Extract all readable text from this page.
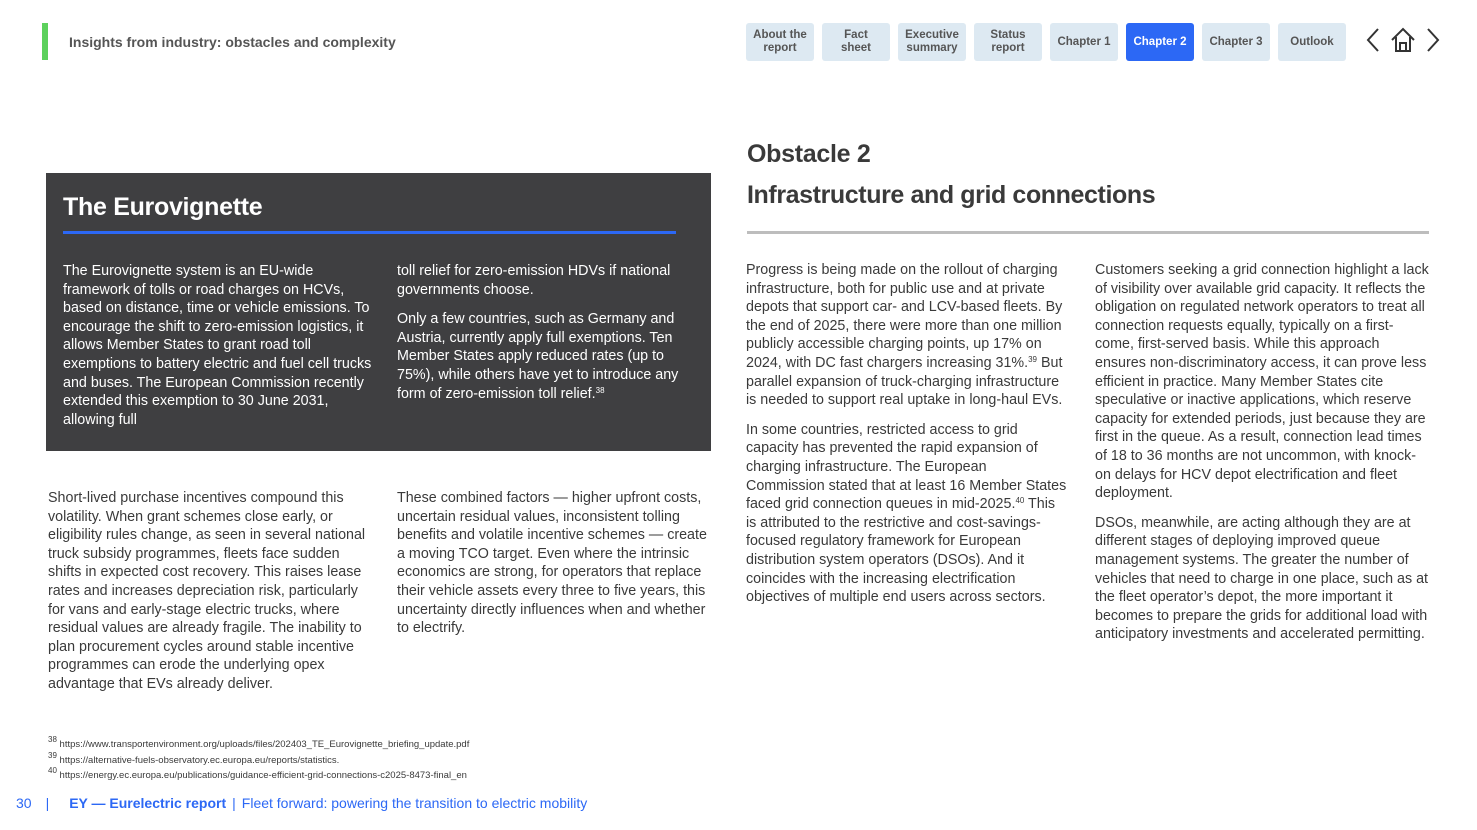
Insights from industry: obstacles and complexity	About the
report
Fact
sheet
Executive
summary
Status
report
Chapter 1	Chapter 2	Chapter 3	Outlook
The Eurovignette

The Eurovignette system is an EU-wide framework of tolls or road charges on HCVs, based on distance, time or vehicle emissions. To encourage the shift to zero-emission logistics, it allows Member States to grant road toll exemptions to battery electric and fuel cell trucks and buses. The European Commission recently extended this exemption to 30 June 2031, allowing full

toll relief for zero-emission HDVs if national governments choose.

Only a few countries, such as Germany and Austria, currently apply full exemptions. Ten Member States apply reduced rates (up to 75%), while others have yet to introduce any form of zero-emission toll relief.$^{38}$

Short-lived purchase incentives compound this volatility. When grant schemes close early, or eligibility rules change, as seen in several national truck subsidy programmes, fleets face sudden shifts in expected cost recovery. This raises lease rates and increases depreciation risk, particularly for vans and early-stage electric trucks, where residual values are already fragile. The inability to plan procurement cycles around stable incentive programmes can erode the underlying opex advantage that EVs already deliver.

These combined factors — higher upfront costs, uncertain residual values, inconsistent tolling benefits and volatile incentive schemes — create a moving TCO target. Even where the intrinsic economics are strong, for operators that replace their vehicle assets every three to five years, this uncertainty directly influences when and whether to electrify.

Obstacle 2
Infrastructure and grid connections

Progress is being made on the rollout of charging infrastructure, both for public use and at private depots that support car- and LCV-based fleets. By the end of 2025, there were more than one million publicly accessible charging points, up 17% on 2024, with DC fast chargers increasing 31%.$^{39}$ But parallel expansion of truck-charging infrastructure is needed to support real uptake in long-haul EVs.

In some countries, restricted access to grid capacity has prevented the rapid expansion of charging infrastructure. The European Commission stated that at least 16 Member States faced grid connection queues in mid-2025.40 This is attributed to the restrictive and cost-savings-focused regulatory framework for European distribution system operators (DSOs). And it coincides with the increasing electrification objectives of multiple end users across sectors.

Customers seeking a grid connection highlight a lack of visibility over available grid capacity. It reflects the obligation on regulated network operators to treat all connection requests equally, typically on a first-come, first-served basis. While this approach ensures non-discriminatory access, it can prove less efficient in practice. Many Member States cite speculative or inactive applications, which reserve capacity for extended periods, just because they are first in the queue. As a result, connection lead times of 18 to 36 months are not uncommon, with knock-on delays for HCV depot electrification and fleet deployment.

DSOs, meanwhile, are acting although they are at different stages of deploying improved queue management systems. The greater the number of vehicles that need to charge in one place, such as at the fleet operator’s depot, the more important it becomes to prepare the grids for additional load with anticipatory investments and accelerated permitting.

$^{38}$ https://www.transportenvironment.org/uploads/files/202403_TE_Eurovignette_briefing_update.pdf
$^{39}$ https://alternative-fuels-observatory.ec.europa.eu/reports/statistics.
$^{40}$ https://energy.ec.europa.eu/publications/guidance-efficient-grid-connections-c2025-8473-final_en
30 | EY — Eurelectric report | Fleet forward: powering the transition to electric mobility
